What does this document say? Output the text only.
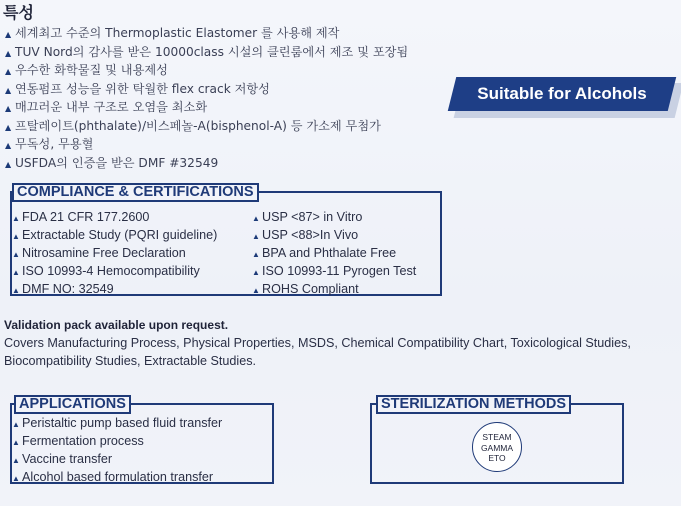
특성
▲ 세계최고 수준의 Thermoplastic Elastomer 를 사용해 제작
▲ TUV Nord의 감사를 받은 10000class 시설의 클린룸에서 제조 및 포장됨
▲ 우수한 화학물질 및 내용제성
▲ 연동펌프 성능을 위한 탁월한 flex crack 저항성
▲ 매끄러운 내부 구조로 오염을 최소화
▲ 프탈레이트(phthalate)/비스페놀-A(bisphenol-A) 등 가소제 무첨가
▲ 무독성, 무용혈
▲ USFDA의 인증을 받은 DMF #32549
Suitable for Alcohols
▲ FDA 21 CFR 177.2600
▲ Extractable Study (PQRI guideline)
▲ Nitrosamine Free Declaration
▲ ISO 10993-4 Hemocompatibility
▲ DMF NO: 32549
▲ USP <87> in Vitro
▲ USP <88>In Vivo
▲ BPA and Phthalate Free
▲ ISO 10993-11 Pyrogen Test
▲ ROHS Compliant
COMPLIANCE & CERTIFICATIONS
Validation pack available upon request.
Covers Manufacturing Process, Physical Properties, MSDS, Chemical Compatibility Chart, Toxicological Studies, Biocompatibility Studies, Extractable Studies.
▲ Peristaltic pump based fluid transfer
▲ Fermentation process
▲ Vaccine transfer
▲ Alcohol based formulation transfer
APPLICATIONS	STERILIZATION METHODS
STEAM
GAMMA
ETO
